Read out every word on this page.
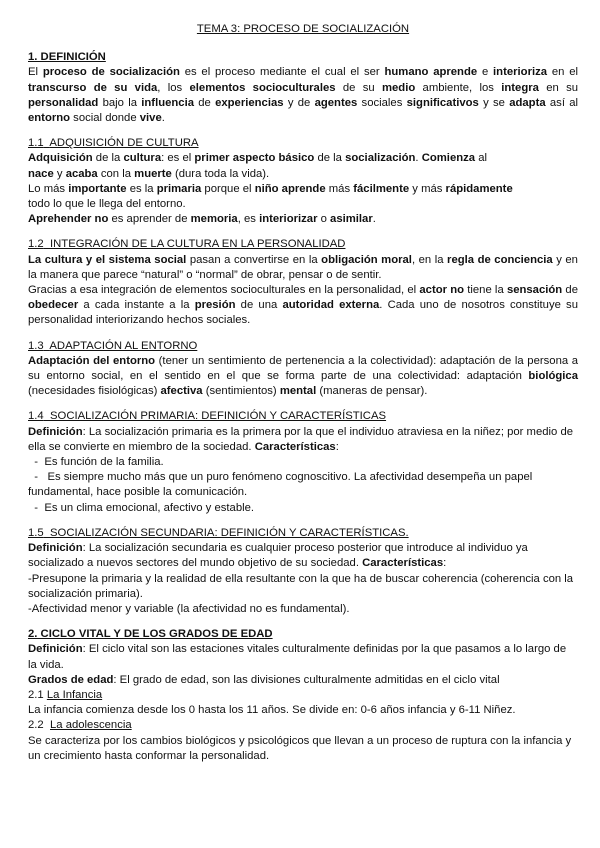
TEMA 3: PROCESO DE SOCIALIZACIÓN
1. DEFINICIÓN

El proceso de socialización es el proceso mediante el cual el ser humano aprende e interioriza en el transcurso de su vida, los elementos socioculturales de su medio ambiente, los integra en su personalidad bajo la influencia de experiencias y de agentes sociales significativos y se adapta así al entorno social donde vive.

1.1 ADQUISICIÓN DE CULTURA

Adquisición de la cultura: es el primer aspecto básico de la socialización. Comienza al

nace y acaba con la muerte (dura toda la vida).

Lo más importante es la primaria porque el niño aprende más fácilmente y más rápidamente

todo lo que le llega del entorno.

Aprehender no es aprender de memoria, es interiorizar o asimilar.

1.2 INTEGRACIÓN DE LA CULTURA EN LA PERSONALIDAD

La cultura y el sistema social pasan a convertirse en la obligación moral, en la regla de conciencia y en la manera que parece “natural” o “normal” de obrar, pensar o de sentir.

Gracias a esa integración de elementos socioculturales en la personalidad, el actor no tiene la sensación de obedecer a cada instante a la presión de una autoridad externa. Cada uno de nosotros constituye su personalidad interiorizando hechos sociales.

1.3 ADAPTACIÓN AL ENTORNO

Adaptación del entorno (tener un sentimiento de pertenencia a la colectividad): adaptación de la persona a su entorno social, en el sentido en el que se forma parte de una colectividad: adaptación biológica (necesidades fisiológicas) afectiva (sentimientos) mental (maneras de pensar).

1.4 SOCIALIZACIÓN PRIMARIA: DEFINICIÓN Y CARACTERÍSTICAS

Definición: La socialización primaria es la primera por la que el individuo atraviesa en la niñez; por medio de ella se convierte en miembro de la sociedad. Características:

-  Es función de la familia.

-   Es siempre mucho más que un puro fenómeno cognoscitivo. La afectividad desempeña un papel fundamental, hace posible la comunicación.

-  Es un clima emocional, afectivo y estable.

1.5 SOCIALIZACIÓN SECUNDARIA: DEFINICIÓN Y CARACTERÍSTICAS.

Definición: La socialización secundaria es cualquier proceso posterior que introduce al individuo ya socializado a nuevos sectores del mundo objetivo de su sociedad. Características:

-Presupone la primaria y la realidad de ella resultante con la que ha de buscar coherencia (coherencia con la socialización primaria).

-Afectividad menor y variable (la afectividad no es fundamental).

2. CICLO VITAL Y DE LOS GRADOS DE EDAD

Definición: El ciclo vital son las estaciones vitales culturalmente definidas por la que pasamos a lo largo de la vida.

Grados de edad: El grado de edad, son las divisiones culturalmente admitidas en el ciclo vital

2.1 La Infancia

La infancia comienza desde los 0 hasta los 11 años. Se divide en: 0-6 años infancia y 6-11 Niñez.

2.2 La adolescencia

Se caracteriza por los cambios biológicos y psicológicos que llevan a un proceso de ruptura con la infancia y un crecimiento hasta conformar la personalidad.
